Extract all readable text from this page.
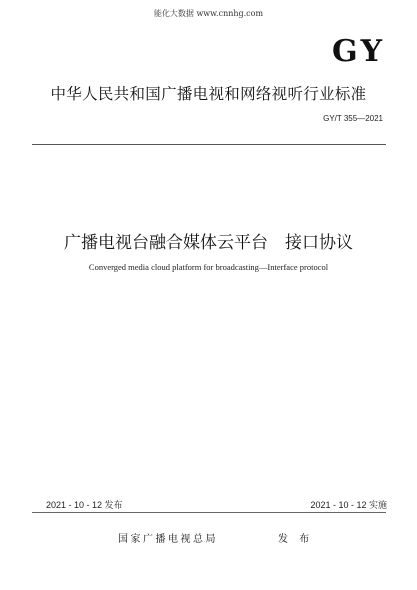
能化大数据 www.cnnhg.com
GY
中华人民共和国广播电视和网络视听行业标准
GY/T 355—2021
广播电视台融合媒体云平台　接口协议
Converged media cloud platform for broadcasting—Interface protocol
2021 - 10 - 12 发布	2021 - 10 - 12 实施
国家广播电视总局	发 布
